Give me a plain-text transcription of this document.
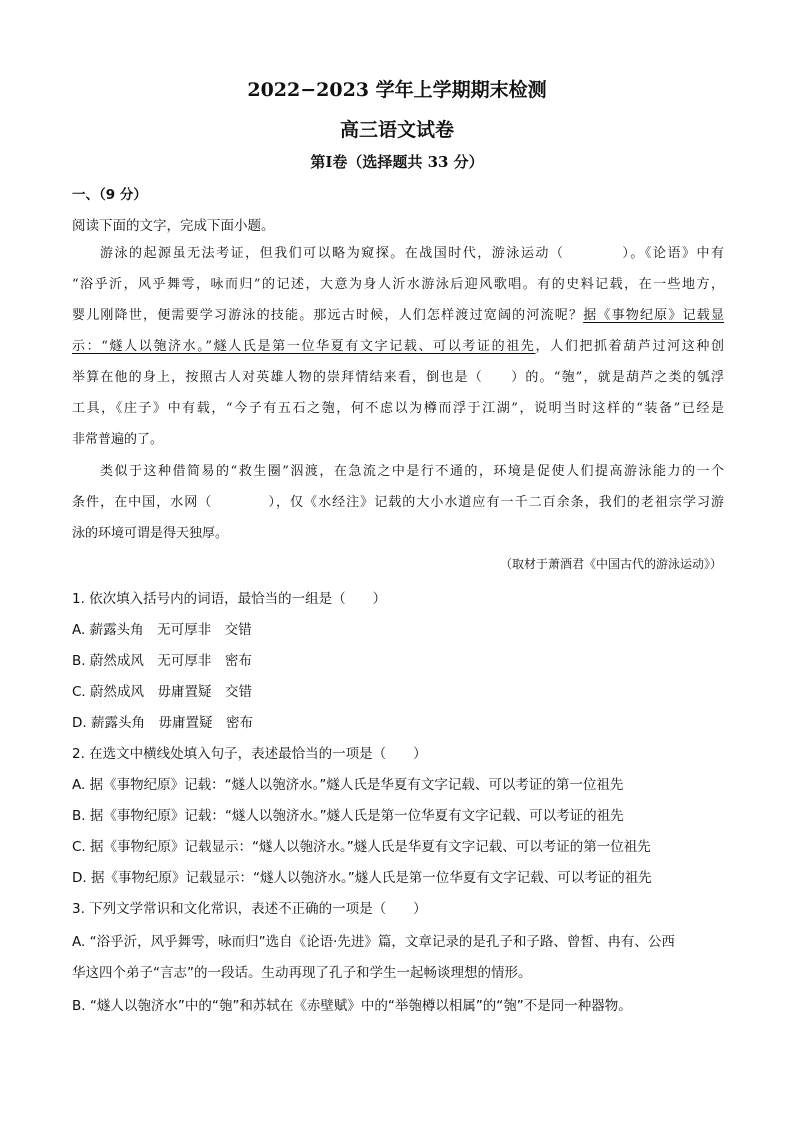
2022−2023 学年上学期期末检测
高三语文试卷
第Ⅰ卷（选择题共 33 分）
一、（9 分）
阅读下面的文字，完成下面小题。
游泳的起源虽无法考证，但我们可以略为窥探。在战国时代，游泳运动（　　　　）。《论语》中有
“浴乎沂，风乎舞雩，咏而归”的记述，大意为身人沂水游泳后迎风歌唱。有的史料记载，在一些地方，
婴儿刚降世，便需要学习游泳的技能。那远古时候，人们怎样渡过宽阔的河流呢？据《事物纪原》记载显
示：“燧人以匏济水。”燧人氏是第一位华夏有文字记载、可以考证的祖先，人们把抓着葫芦过河这种创
举算在他的身上，按照古人对英雄人物的崇拜情结来看，倒也是（　　）的。“匏”，就是葫芦之类的瓠浮
工具，《庄子》中有载，“今子有五石之匏，何不虑以为樽而浮于江湖”，说明当时这样的“装备”已经是
非常普遍的了。
类似于这种借简易的“救生圈”泅渡，在急流之中是行不通的，环境是促使人们提高游泳能力的一个
条件，在中国，水网（　　　　），仅《水经注》记载的大小水道应有一千二百余条，我们的老祖宗学习游
泳的环境可谓是得天独厚。
（取材于萧酒君《中国古代的游泳运动》）
1. 依次填入括号内的词语，最恰当的一组是（　　）
A. 薪露头角　无可厚非　交错
B. 蔚然成风　无可厚非　密布
C. 蔚然成风　毋庸置疑　交错
D. 薪露头角　毋庸置疑　密布
2. 在选文中横线处填入句子，表述最恰当的一项是（　　）
A. 据《事物纪原》记载：“燧人以匏济水。”燧人氏是华夏有文字记载、可以考证的第一位祖先
B. 据《事物纪原》记载：“燧人以匏济水。”燧人氏是第一位华夏有文字记载、可以考证的祖先
C. 据《事物纪原》记载显示：“燧人以匏济水。”燧人氏是华夏有文字记载、可以考证的第一位祖先
D. 据《事物纪原》记载显示：“燧人以匏济水。”燧人氏是第一位华夏有文字记载、可以考证的祖先
3. 下列文学常识和文化常识，表述不正确的一项是（　　）
A. “浴乎沂，风乎舞雩，咏而归”选自《论语·先进》篇，文章记录的是孔子和子路、曾皙、冉有、公西
华这四个弟子“言志”的一段话。生动再现了孔子和学生一起畅谈理想的情形。
B. “燧人以匏济水”中的“匏”和苏轼在《赤壁赋》中的“举匏樽以相属”的“匏”不是同一种器物。
